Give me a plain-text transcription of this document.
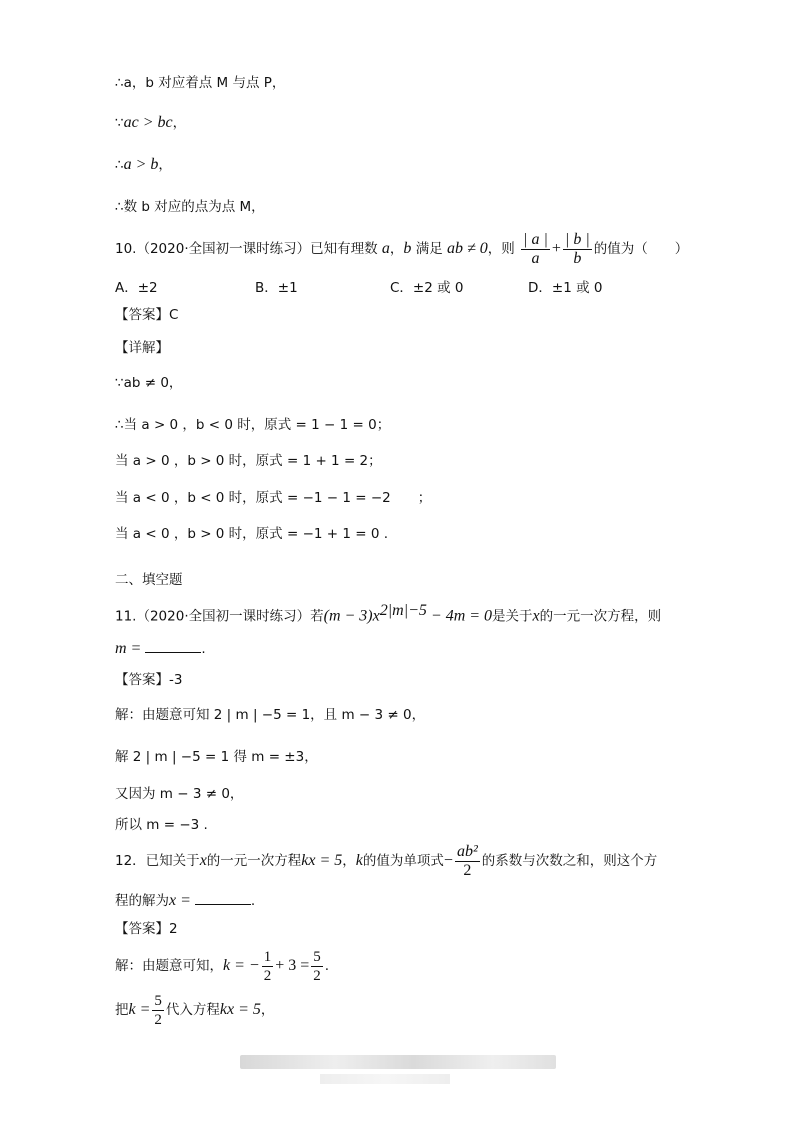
∴a，b 对应着点 M 与点 P，
∵ac > bc，
∴a > b，
∴数 b 对应的点为点 M，
10.（2020·全国初一课时练习）已知有理数 a，b 满足 ab ≠ 0，则 $\frac{| a |}{a} + \frac{| b |}{b}$ 的值为（　　）
A．±2	B．±1	C．±2 或 0	D．±1 或 0
【答案】C
【详解】
∵ab ≠ 0，
∴当 a > 0 ，b < 0 时，原式 = 1 − 1 = 0；
当 a > 0 ，b > 0 时，原式 = 1 + 1 = 2；
当 a < 0 ，b < 0 时，原式 = −1 − 1 = −2　　；
当 a < 0 ，b > 0 时，原式 = −1 + 1 = 0 .
二、填空题
11.（2020·全国初一课时练习）若$(m - 3)x^{2|m|-5} - 4m = 0$是关于x的一元一次方程，则
m =	.
【答案】-3
解：由题意可知 2 | m | −5 = 1，且 m − 3 ≠ 0，
解 2 | m | −5 = 1 得 m = ±3，
又因为 m − 3 ≠ 0，
所以 m = −3 .
12．已知关于x的一元一次方程kx = 5，k的值为单项式− $\frac{\text{ab²}}{2}$ 的系数与次数之和，则这个方
程的解为x =	.
【答案】2
解：由题意可知，k = − $\frac{1}{2} + 3 = \frac{5}{2}$ .
把$k = \frac{5}{2}$ 代入方程kx = 5，
